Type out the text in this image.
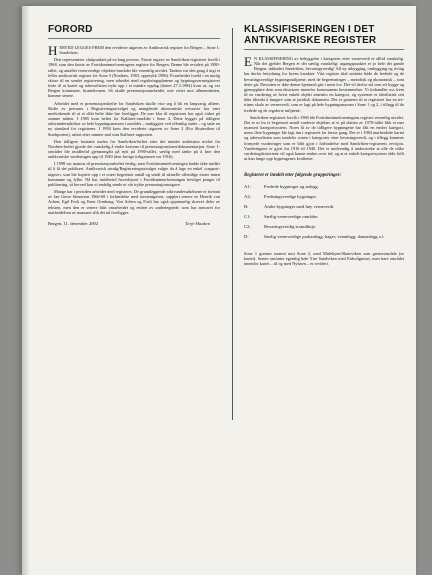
FORORD

HERVED LEGGES FREM den reviderte utgaven av Antikvarisk register for Bergen – Sone 1: Sandviken.

Den representerer sluttpunktet på en lang prosess. Første utgave av Sandviken-registeret forelå i 1968, som den første av Fortidsminneforeningens registre for Bergen. Denne ble revidert på 1980-tallet, og antallet verneverdige objekter/områder ble vesentlig utvidet. Tanken var den gang å utgi et felles antikvarisk register for Sone 3 (Nordnes, 1983, opptrykk 1986). Forarbeidet forelå i en mulig skisse til en samlet registrering, men arbeidet med reguleringsplanene og bygningsvernregisteret førte til at kartet og adresselisten trykt opp i et mindre opplag (datert 27.3.1984) kom ut, og var Bergen kommune, byantikvaren. Så skulle presentasjonsarbeidet, mer rettet mot allmennheten, komme senere.

Arbeidet med et presentasjonshefte for Sandviken skulle vise seg å bli en langvarig affære. Skifte av personer i Registreringsutvalget og manglende økonomiske ressurser har vært medvirkende til at et slikt hefte ikke har foreligget. De mer klar til registreret har også virket på samme måten. I 1985 kom heftet for Kalfaret-området i Sone 4. Dette bygget på tidligere arkivundersøkelser av hele bygningsmassen i området – muliggjort ved offentlig støtte – og satte en ny standard for registrene. I 1994 kom den reviderte utgaven av Sone 2 (Fra Skuteviken til Stadsporten), utført etter samme mal som Kalfaret-rapporten.

Den tidligere fastsatte malen for Sandviken-heftet etter det mindre ambisiøse nivået fra Nordnes-heftet gjorde det vanskelig å endre kravene til presentasjonsform/dokumentasjon. Sone 1-området ble imidlertid gjennomgått på nytt på 1990-tallet, særlig med tanke på å føre den antikvariske vurderingen opp til 1940 (den forrige tidsgrensen var 1916).

I 1998 var mamus til presentasjonsheftet ferdig, men Fortidsminneforeningen hadde ikke midler til å få det publisert. Antikvarisk utvalg/Registreringsutvalget valgte da å lage en enkel «rapport-utgave» som ble kopiert opp i et svært begrenset antall og sendt til aktuelle offentlige etater innen kommune og fylke. Nå har imidlertid hovedstyret i Fortidsminneforeningen bevilget penger til publisering, så herved kan vi endelig sende ut vår trykte presentasjonsutgave.

Mange har i perioden arbeidet med registeret. De grunnleggende arkivundersøkelsene er foretatt av Jan Giese Stenersen 1966-68 i forbindelse med førsteutgaven, supplert senere av Henrik von Achen, Egil Fosli og Knut Ormhaug. Von Achen og Fosli har også opprinnelig skrevet deler av teksten, men den er senere blitt omarbeidet og endret av undertegnede, som har ansvaret for utarbeidelsen av manuset slik det nå foreligger.

Bergen, 11. desember 2002	Terje Hauken
KLASSIFISERINGEN I DET ANTIKVARISKE REGISTER

E N KLASSIFISERING av bebyggelse i kategorier etter verneverdi er alltid vanskelig. Når det gjelder Bergen er det særlig vanskelig: utgangspunktet er jo hele det gamle Bergen, inkludert Sandviken, bevaringsverdig! All ny utbygging, ombygging og riving har derfor betydning for byens karakter. Vårt register skal omfatte både de fredede og de bevaringsverdige bygningsmiljøene, med de begrensninger – metodisk og økonomisk – som dette gir. Dessuten er ikke denne hjemmel gitt i noen lov. Det vil derfor stå som ett bygge og gjenoppføre dem som eksisterer innenfor kommunens bestemmelser. Vi forhandler oss frem til en vurdering av hvert enkelt objekt innenfor en kategori, og systemet er idealistisk sett ikke tiltenkt å fungere som et juridisk dokument. Det er grunnen til at registeret har en tre-trinns skala av verneverdi, som er lagt på hele bygningsmassen i Sone 1 og 2, i tillegg til de fredede og de regulerte miljøene.

Sandviken-registeret forelå i 1968 ble Fortidsminneforeningens register vesentlig utvidet. Det er ut fra et begrenset antall vurderte objekter at vi på slutten av 1970-tallet fikk et mer nyansert kategorisystem. Noen få av de tidligere bygningene har fått en endret kategori, mens flere bygninger ble lagt inn i registeret for første gang. Det er i 1984 utarbeidede kartet og adresselisten som inndeler sonen i kategorier etter bevaringsverdi, og i tillegg kommer fornyede vurderinger som er blitt gjort i forbindelse med Sandviken-registerets revisjon. Vurderingene er gjort fra 1916 til 1940. Det er nødvendig å understreke at alle de ulike vurderingskriteriene vil også kunne endres over tid, og at et enkelt kategorisystem aldri fullt ut kan fange opp bygningenes kvaliteter.

Registeret er inndelt etter følgende grupperinger:
A1:	Fredede bygninger og anlegg.
A2:	Fredningsverdige bygninger.
B:	Andre bygninger med høy verneverdi.
C1:	Særlig verneverdige områder.
C2:	Bevaringsverdig strandlinje.
D:	Særlig verneverdige parkanlegg, hager, veianlegg, damanlegg o.l.

Sone 1 grenser innerst mot Sone 2, med Mulebyen/Skuteviken som grenseområde (se kartet). Sonen omfatter egentlig hele Ytre Sandviken med Eidsvågneset, men bare området innenfor kartet – til og med Nyhavn – er revidert.
